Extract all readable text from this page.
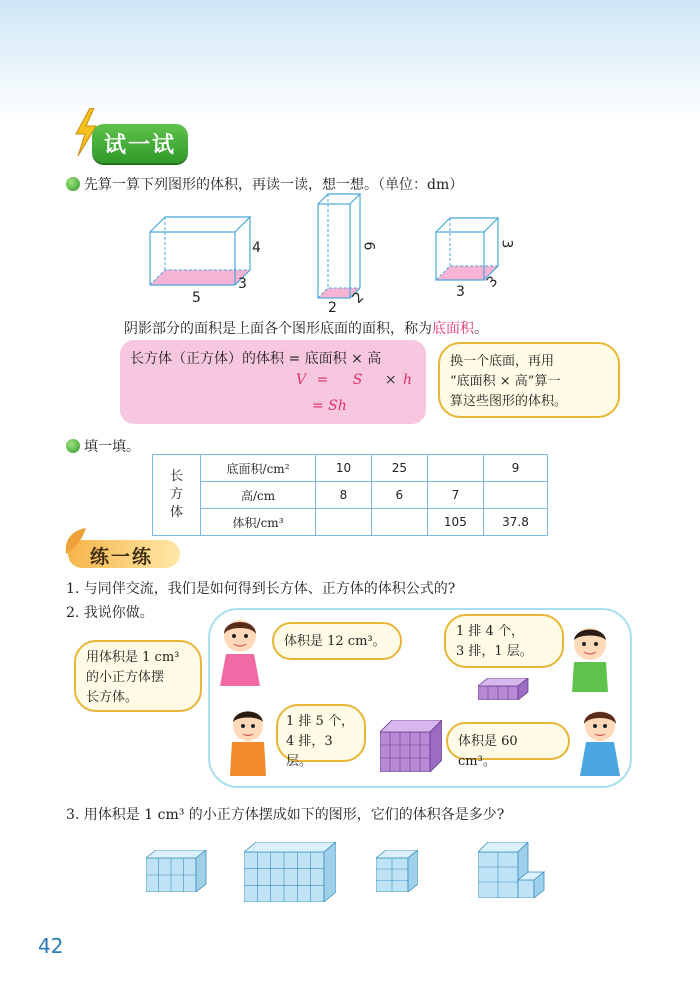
试一试
先算一算下列图形的体积，再读一读，想一想。（单位：dm）
4
5
3
6
2
2
3
3
3
阴影部分的面积是上面各个图形底面的面积，称为底面积。
长方体（正方体）的体积 = 底面积 × 高
V = S × h
= Sh
换一个底面，再用
“底面积 × 高”算一
算这些图形的体积。
填一填。
长
方
体	底面积/cm²	10	25		9
	高/cm	8	6	7	
	体积/cm³			105	37.8
练一练
1. 与同伴交流，我们是如何得到长方体、正方体的体积公式的?
2. 我说你做。
用体积是 1 cm³
的小正方体摆
长方体。
体积是 12 cm³。
1 排 4 个，
3 排，1 层。
1 排 5 个，
4 排，3 层。
体积是 60 cm³。
3. 用体积是 1 cm³ 的小正方体摆成如下的图形，它们的体积各是多少?
42
